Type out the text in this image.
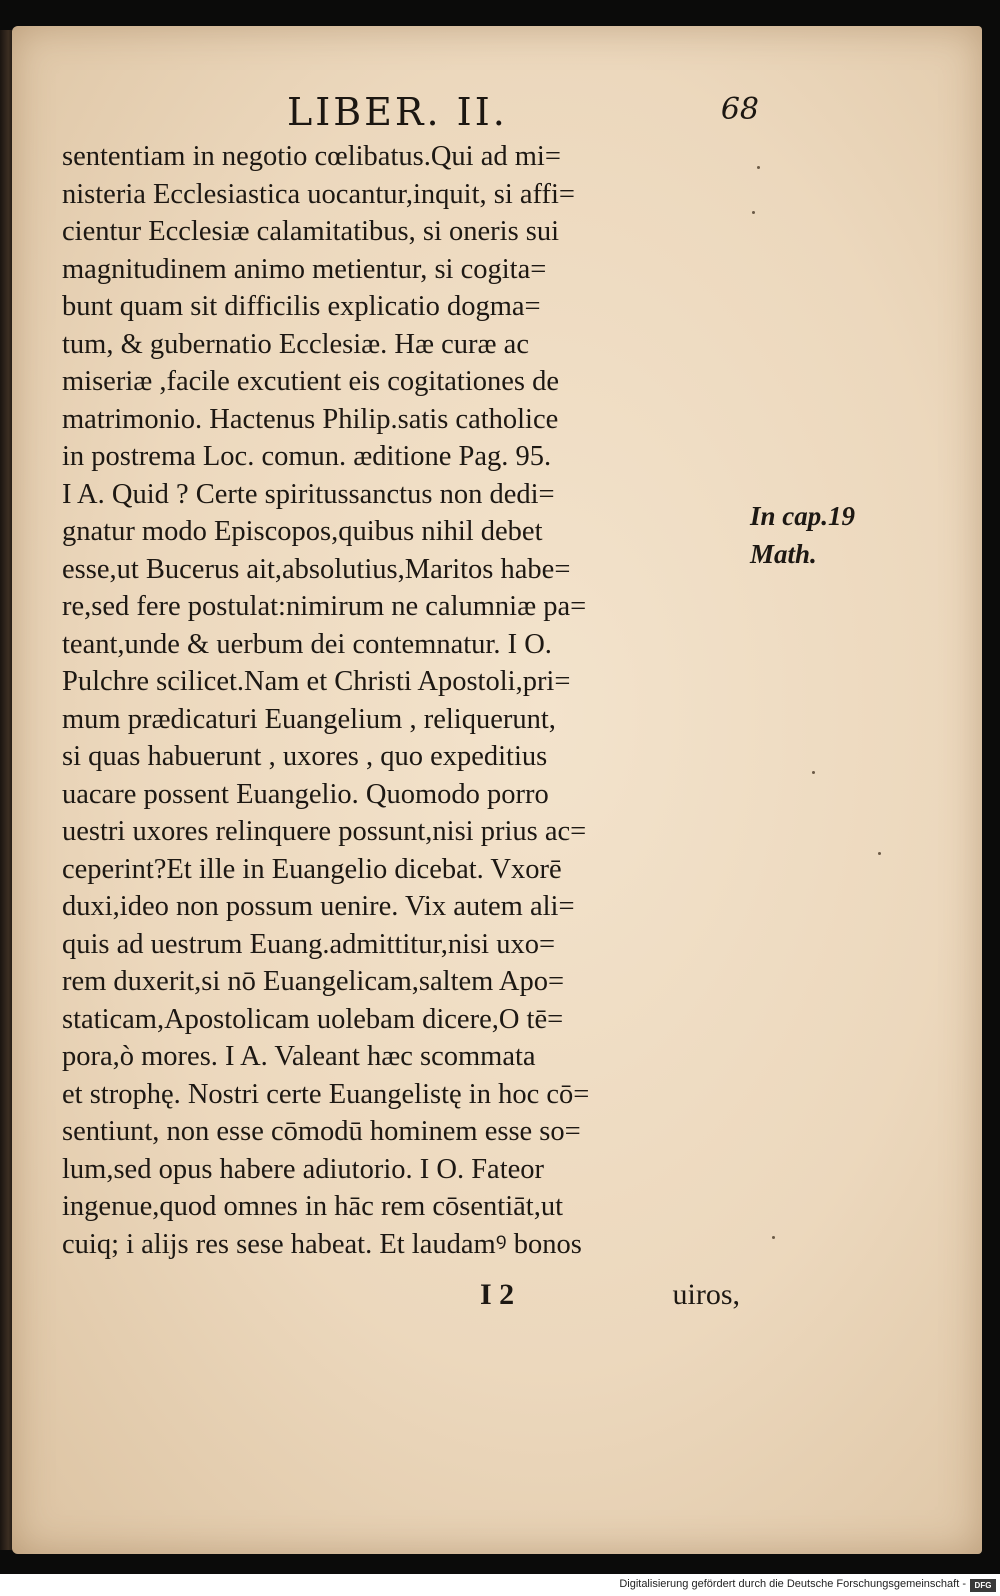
LIBER. II.	68
sententiam in negotio cœlibatus.Qui ad mi=
nisteria Ecclesiastica uocantur,inquit, si affi=
cientur Ecclesiæ calamitatibus, si oneris sui
magnitudinem animo metientur, si cogita=
bunt quam sit difficilis explicatio dogma=
tum, & gubernatio Ecclesiæ. Hæ curæ ac
miseriæ ,facile excutient eis cogitationes de
matrimonio. Hactenus Philip.satis catholice
in postrema Loc. comun. æditione Pag. 95.
I A. Quid ? Certe spiritussanctus non dedi=
gnatur modo Episcopos,quibus nihil debet
esse,ut Bucerus ait,absolutius,Maritos habe=
re,sed fere postulat:nimirum ne calumniæ pa=
teant,unde & uerbum dei contemnatur. I O.
Pulchre scilicet.Nam et Christi Apostoli,pri=
mum prædicaturi Euangelium , reliquerunt,
si quas habuerunt , uxores , quo expeditius
uacare possent Euangelio. Quomodo porro
uestri uxores relinquere possunt,nisi prius ac=
ceperint?Et ille in Euangelio dicebat. Vxorē
duxi,ideo non possum uenire. Vix autem ali=
quis ad uestrum Euang.admittitur,nisi uxo=
rem duxerit,si nō Euangelicam,saltem Apo=
staticam,Apostolicam uolebam dicere,O tē=
pora,ò mores. I A. Valeant hæc scommata
et strophę. Nostri certe Euangelistę in hoc cō=
sentiunt, non esse cōmodū hominem esse so=
lum,sed opus habere adiutorio. I O. Fateor
ingenue,quod omnes in hāc rem cōsentiāt,ut
cuiq; i alijs res sese habeat. Et laudamꝰ bonos
In cap.19
Math.
I 2	uiros,
Digitalisierung gefördert durch die Deutsche Forschungsgemeinschaft -	DFG
